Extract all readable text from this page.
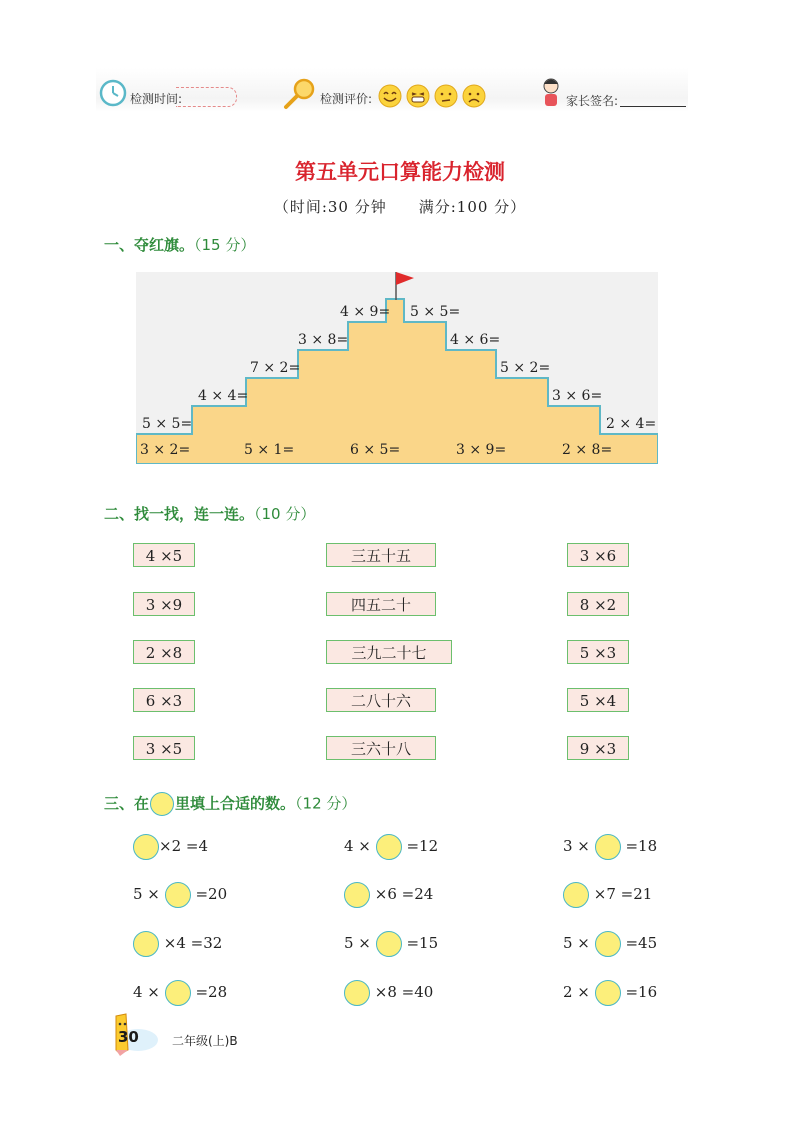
检测时间:	检测评价:	家长签名:
第五单元口算能力检测
（时间:30 分钟　　满分:100 分）
一、夺红旗。（15 分）
5 × 5=
4 × 4=
7 × 2=
3 × 8=
4 × 9= 5 × 5=
4 × 6=
5 × 2=
3 × 6=
2 × 4=
3 × 2=	5 × 1=	6 × 5=	3 × 9=	2 × 8=
二、找一找，连一连。（10 分）
4 ×5
3 ×9
2 ×8
6 ×3
3 ×5
三五十五
四五二十
三九二十七
二八十六
三六十八
3 ×6
8 ×2
5 ×3
5 ×4
9 ×3
三、在 里填上合适的数。（12 分）
×2 =4	4 × =12	3 × =18
5 × =20	×6 =24	×7 =21
×4 =32	5 × =15	5 × =45
4 × =28	×8 =40	2 × =16
30	二年级(上)B
